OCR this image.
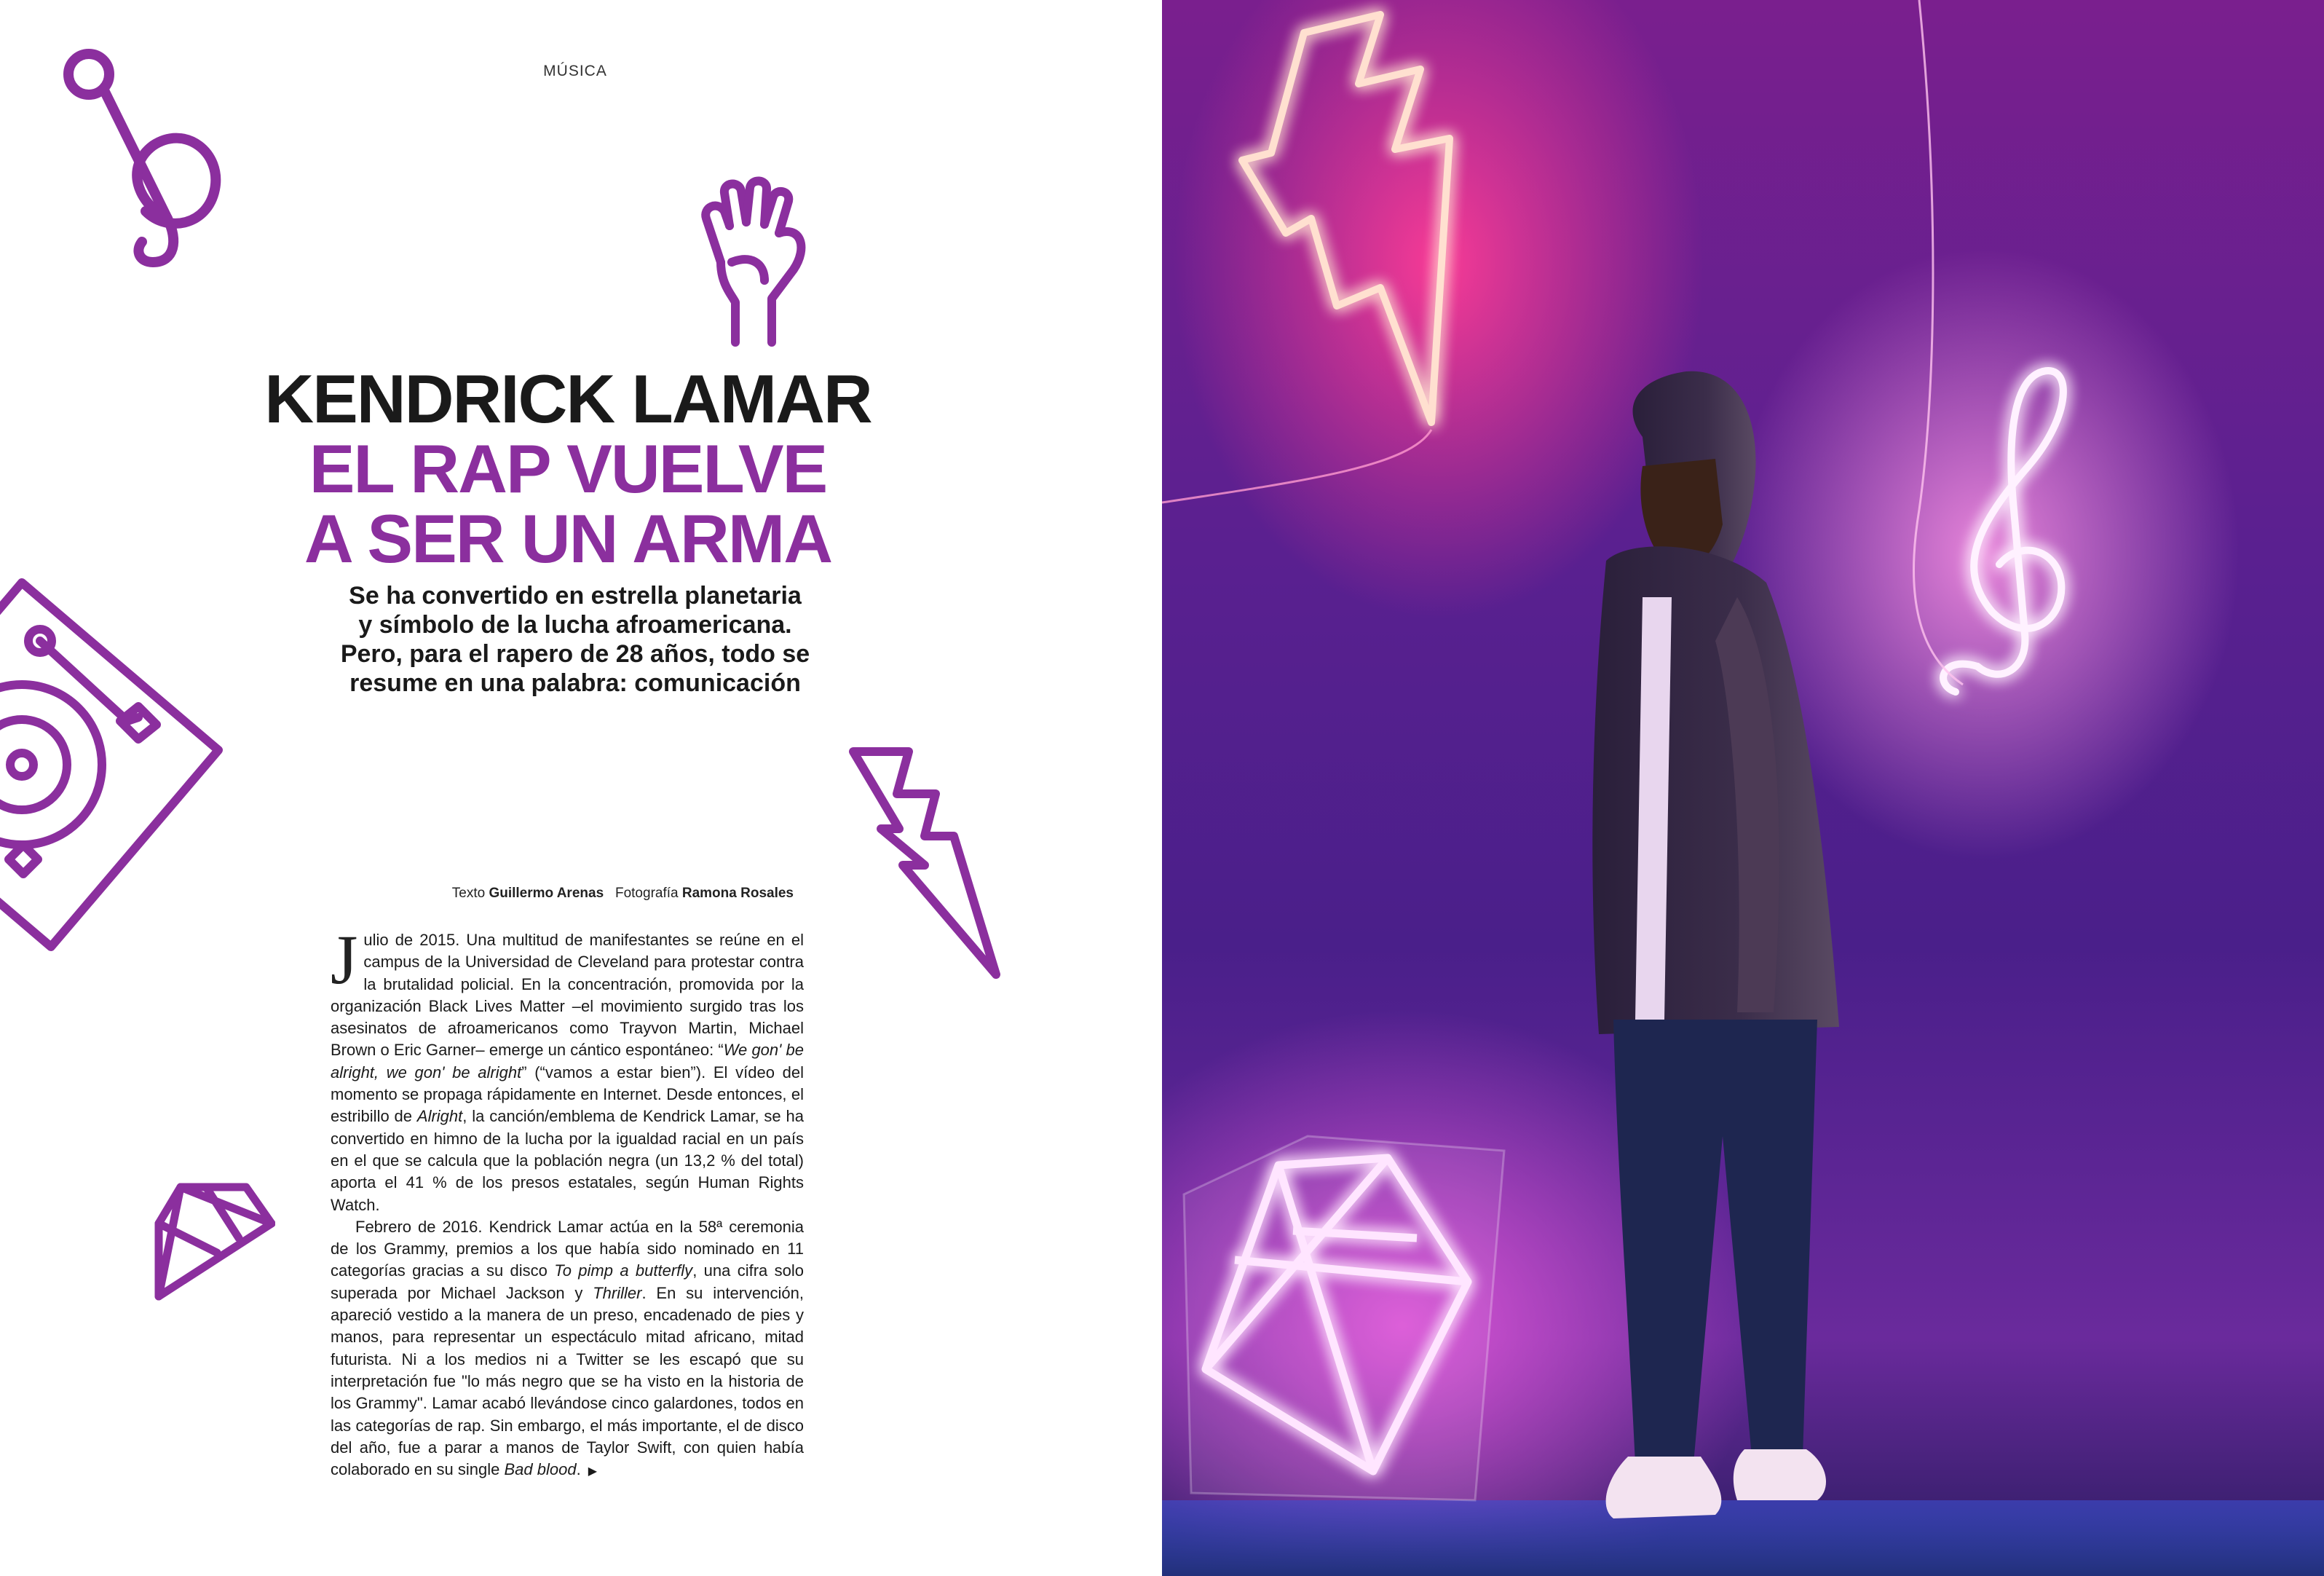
MÚSICA
KENDRICK LAMAR
EL RAP VUELVE
A SER UN ARMA
Se ha convertido en estrella planetaria
y símbolo de la lucha afroamericana.
Pero, para el rapero de 28 años, todo se
resume en una palabra: comunicación
Texto Guillermo Arenas Fotografía Ramona Rosales

Julio de 2015. Una multitud de manifestantes se reúne en el campus de la Universidad de Cleveland para protestar contra la brutalidad policial. En la concentración, promovida por la organización Black Lives Matter –el movimiento surgido tras los asesinatos de afroamericanos como Trayvon Martin, Michael Brown o Eric Garner– emerge un cántico espontáneo: “We gon' be alright, we gon' be alright” (“vamos a estar bien”). El vídeo del momento se propaga rápidamente en Internet. Desde entonces, el estribillo de Alright, la canción/emblema de Kendrick Lamar, se ha convertido en himno de la lucha por la igualdad racial en un país en el que se calcula que la población negra (un 13,2 % del total) aporta el 41 % de los presos estatales, según Human Rights Watch.

Febrero de 2016. Kendrick Lamar actúa en la 58ª ceremonia de los Grammy, premios a los que había sido nominado en 11 categorías gracias a su disco To pimp a butterfly, una cifra solo superada por Michael Jackson y Thriller. En su intervención, apareció vestido a la manera de un preso, encadenado de pies y manos, para representar un espectáculo mitad africano, mitad futurista. Ni a los medios ni a Twitter se les escapó que su interpretación fue "lo más negro que se ha visto en la historia de los Grammy". Lamar acabó llevándose cinco galardones, todos en las categorías de rap. Sin embargo, el más importante, el de disco del año, fue a parar a manos de Taylor Swift, con quien había colaborado en su single Bad blood. ▶
